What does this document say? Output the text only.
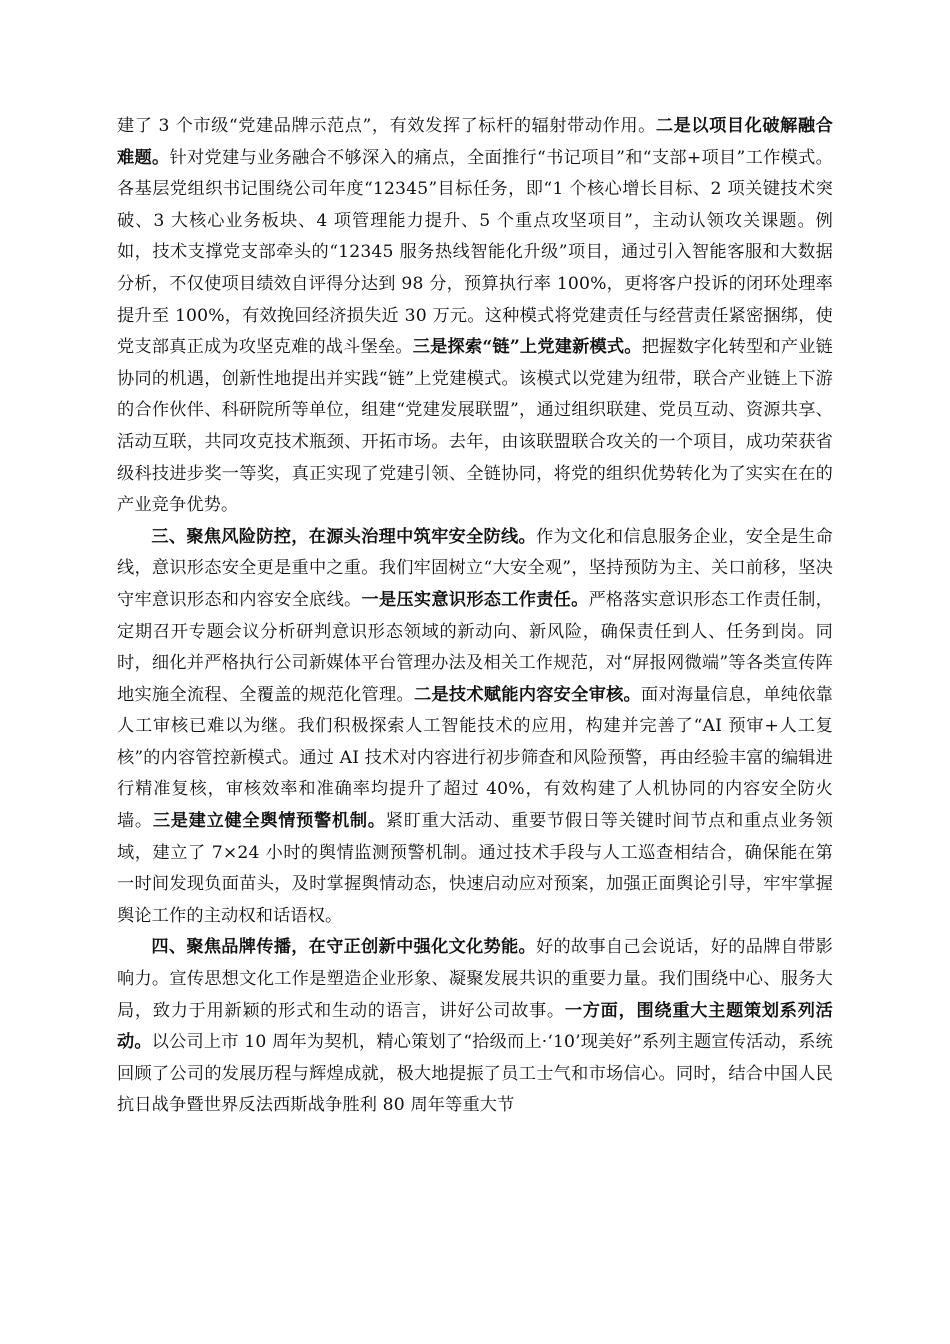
建了 3 个市级“党建品牌示范点”，有效发挥了标杆的辐射带动作用。二是以项目化破解融合难题。针对党建与业务融合不够深入的痛点，全面推行“书记项目”和“支部+项目”工作模式。各基层党组织书记围绕公司年度“12345”目标任务，即“1 个核心增长目标、2 项关键技术突破、3 大核心业务板块、4 项管理能力提升、5 个重点攻坚项目”，主动认领攻关课题。例如，技术支撑党支部牵头的“12345 服务热线智能化升级”项目，通过引入智能客服和大数据分析，不仅使项目绩效自评得分达到 98 分，预算执行率 100%，更将客户投诉的闭环处理率提升至 100%，有效挽回经济损失近 30 万元。这种模式将党建责任与经营责任紧密捆绑，使党支部真正成为攻坚克难的战斗堡垒。三是探索“链”上党建新模式。把握数字化转型和产业链协同的机遇，创新性地提出并实践“链”上党建模式。该模式以党建为纽带，联合产业链上下游的合作伙伴、科研院所等单位，组建“党建发展联盟”，通过组织联建、党员互动、资源共享、活动互联，共同攻克技术瓶颈、开拓市场。去年，由该联盟联合攻关的一个项目，成功荣获省级科技进步奖一等奖，真正实现了党建引领、全链协同，将党的组织优势转化为了实实在在的产业竞争优势。

三、聚焦风险防控，在源头治理中筑牢安全防线。作为文化和信息服务企业，安全是生命线，意识形态安全更是重中之重。我们牢固树立“大安全观”，坚持预防为主、关口前移，坚决守牢意识形态和内容安全底线。一是压实意识形态工作责任。严格落实意识形态工作责任制，定期召开专题会议分析研判意识形态领域的新动向、新风险，确保责任到人、任务到岗。同时，细化并严格执行公司新媒体平台管理办法及相关工作规范，对“屏报网微端”等各类宣传阵地实施全流程、全覆盖的规范化管理。二是技术赋能内容安全审核。面对海量信息，单纯依靠人工审核已难以为继。我们积极探索人工智能技术的应用，构建并完善了“AI 预审+人工复核”的内容管控新模式。通过 AI 技术对内容进行初步筛查和风险预警，再由经验丰富的编辑进行精准复核，审核效率和准确率均提升了超过 40%，有效构建了人机协同的内容安全防火墙。三是建立健全舆情预警机制。紧盯重大活动、重要节假日等关键时间节点和重点业务领域，建立了 7×24 小时的舆情监测预警机制。通过技术手段与人工巡查相结合，确保能在第一时间发现负面苗头，及时掌握舆情动态，快速启动应对预案，加强正面舆论引导，牢牢掌握舆论工作的主动权和话语权。

四、聚焦品牌传播，在守正创新中强化文化势能。好的故事自己会说话，好的品牌自带影响力。宣传思想文化工作是塑造企业形象、凝聚发展共识的重要力量。我们围绕中心、服务大局，致力于用新颖的形式和生动的语言，讲好公司故事。一方面，围绕重大主题策划系列活动。以公司上市 10 周年为契机，精心策划了“拾级而上·‘10’现美好”系列主题宣传活动，系统回顾了公司的发展历程与辉煌成就，极大地提振了员工士气和市场信心。同时，结合中国人民抗日战争暨世界反法西斯战争胜利 80 周年等重大节
